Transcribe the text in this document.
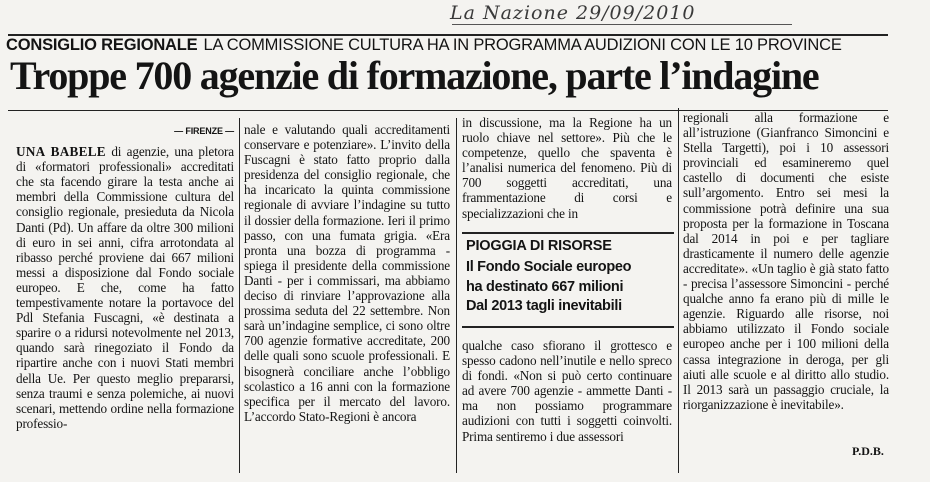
La Nazione 29/09/2010
CONSIGLIO REGIONALE LA COMMISSIONE CULTURA HA IN PROGRAMMA AUDIZIONI CON LE 10 PROVINCE
Troppe 700 agenzie di formazione, parte l’indagine
— FIRENZE —

UNA BABELE di agenzie, una pletora di «formatori professionali» accreditati che sta facendo girare la testa anche ai membri della Commissione cultura del consiglio regionale, presieduta da Nicola Danti (Pd). Un affare da oltre 300 milioni di euro in sei anni, cifra arrotondata al ribasso perché proviene dai 667 milioni messi a disposizione dal Fondo sociale europeo. E che, come ha fatto tempestivamente notare la portavoce del Pdl Stefania Fuscagni, «è destinata a sparire o a ridursi notevolmente nel 2013, quando sarà rinegoziato il Fondo da ripartire anche con i nuovi Stati membri della Ue. Per questo meglio prepararsi, senza traumi e senza polemiche, ai nuovi scenari, mettendo ordine nella formazione professio-

nale e valutando quali accreditamenti conservare e potenziare». L’invito della Fuscagni è stato fatto proprio dalla presidenza del consiglio regionale, che ha incaricato la quinta commissione regionale di avviare l’indagine su tutto il dossier della formazione. Ieri il primo passo, con una fumata grigia. «Era pronta una bozza di programma - spiega il presidente della commissione Danti - per i commissari, ma abbiamo deciso di rinviare l’approvazione alla prossima seduta del 22 settembre. Non sarà un’indagine semplice, ci sono oltre 700 agenzie formative accreditate, 200 delle quali sono scuole professionali. E bisognerà conciliare anche l’obbligo scolastico a 16 anni con la formazione specifica per il mercato del lavoro. L’accordo Stato-Regioni è ancora

in discussione, ma la Regione ha un ruolo chiave nel settore». Più che le competenze, quello che spaventa è l’analisi numerica del fenomeno. Più di 700 soggetti accreditati, una frammentazione di corsi e specializzazioni che in

PIOGGIA DI RISORSE
Il Fondo Sociale europeo
ha destinato 667 milioni
Dal 2013 tagli inevitabili

qualche caso sfiorano il grottesco e spesso cadono nell’inutile e nello spreco di fondi. «Non si può certo continuare ad avere 700 agenzie - ammette Danti - ma non possiamo programmare audizioni con tutti i soggetti coinvolti. Prima sentiremo i due assessori

regionali alla formazione e all’istruzione (Gianfranco Simoncini e Stella Targetti), poi i 10 assessori provinciali ed esamineremo quel castello di documenti che esiste sull’argomento. Entro sei mesi la commissione potrà definire una sua proposta per la formazione in Toscana dal 2014 in poi e per tagliare drasticamente il numero delle agenzie accreditate». «Un taglio è già stato fatto - precisa l’assessore Simoncini - perché qualche anno fa erano più di mille le agenzie. Riguardo alle risorse, noi abbiamo utilizzato il Fondo sociale europeo anche per i 100 milioni della cassa integrazione in deroga, per gli aiuti alle scuole e al diritto allo studio. Il 2013 sarà un passaggio cruciale, la riorganizzazione è inevitabile».

P.D.B.
